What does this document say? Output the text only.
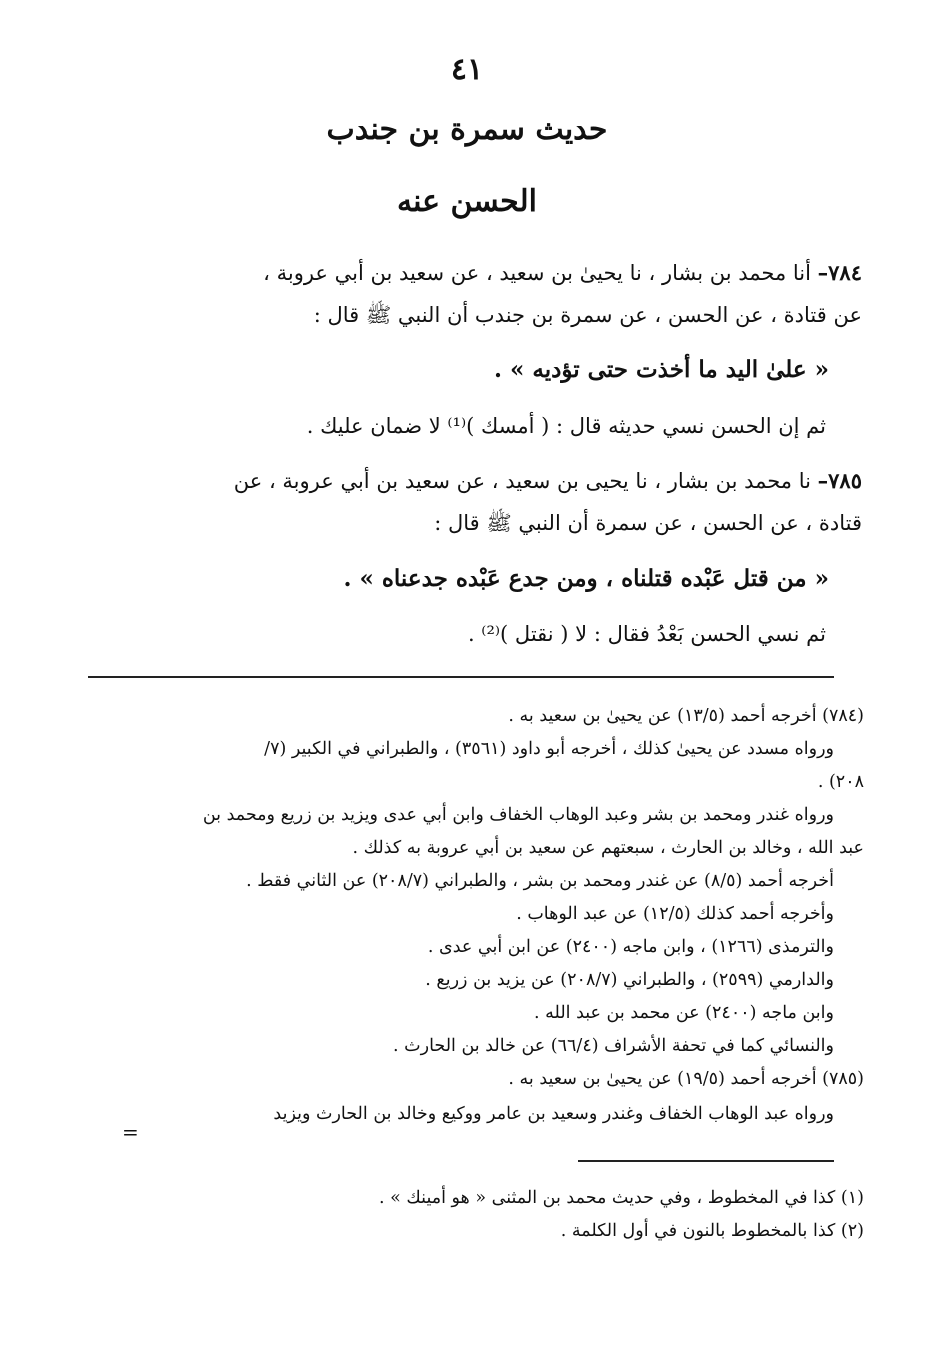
٤١
حديث سمرة بن جندب
الحسن عنه
٧٨٤– أنا محمد بن بشار ، نا يحيىٰ بن سعيد ، عن سعيد بن أبي عروبة ،
عن قتادة ، عن الحسن ، عن سمرة بن جندب أن النبي ﷺ قال :
« علىٰ اليد ما أخذت حتى تؤديه » .
ثم إن الحسن نسي حديثه قال : ( أمسك )⁽¹⁾ لا ضمان عليك .
٧٨٥– نا محمد بن بشار ، نا يحيى بن سعيد ، عن سعيد بن أبي عروبة ، عن
قتادة ، عن الحسن ، عن سمرة أن النبي ﷺ قال :
« من قتل عَبْده قتلناه ، ومن جدع عَبْده جدعناه » .
ثم نسي الحسن بَعْدُ فقال : لا ( نقتل )⁽²⁾ .
(٧٨٤) أخرجه أحمد (١٣/٥) عن يحيىٰ بن سعيد به .
ورواه مسدد عن يحيىٰ كذلك ، أخرجه أبو داود (٣٥٦١) ، والطبراني في الكبير (٧/
٢٠٨) .
ورواه غندر ومحمد بن بشر وعبد الوهاب الخفاف وابن أبي عدى ويزيد بن زريع ومحمد بن
عبد الله ، وخالد بن الحارث ، سبعتهم عن سعيد بن أبي عروبة به كذلك .
أخرجه أحمد (٨/٥) عن غندر ومحمد بن بشر ، والطبراني (٢٠٨/٧) عن الثاني فقط .
وأخرجه أحمد كذلك (١٢/٥) عن عبد الوهاب .
والترمذى (١٢٦٦) ، وابن ماجه (٢٤٠٠) عن ابن أبي عدى .
والدارمي (٢٥٩٩) ، والطبراني (٢٠٨/٧) عن يزيد بن زريع .
وابن ماجه (٢٤٠٠) عن محمد بن عبد الله .
والنسائي كما في تحفة الأشراف (٦٦/٤) عن خالد بن الحارث .
(٧٨٥) أخرجه أحمد (١٩/٥) عن يحيىٰ بن سعيد به .
ورواه عبد الوهاب الخفاف وغندر وسعيد بن عامر ووكيع وخالد بن الحارث ويزيد
=
(١) كذا في المخطوط ، وفي حديث محمد بن المثنى « هو أمينك » .
(٢) كذا بالمخطوط بالنون في أول الكلمة .
